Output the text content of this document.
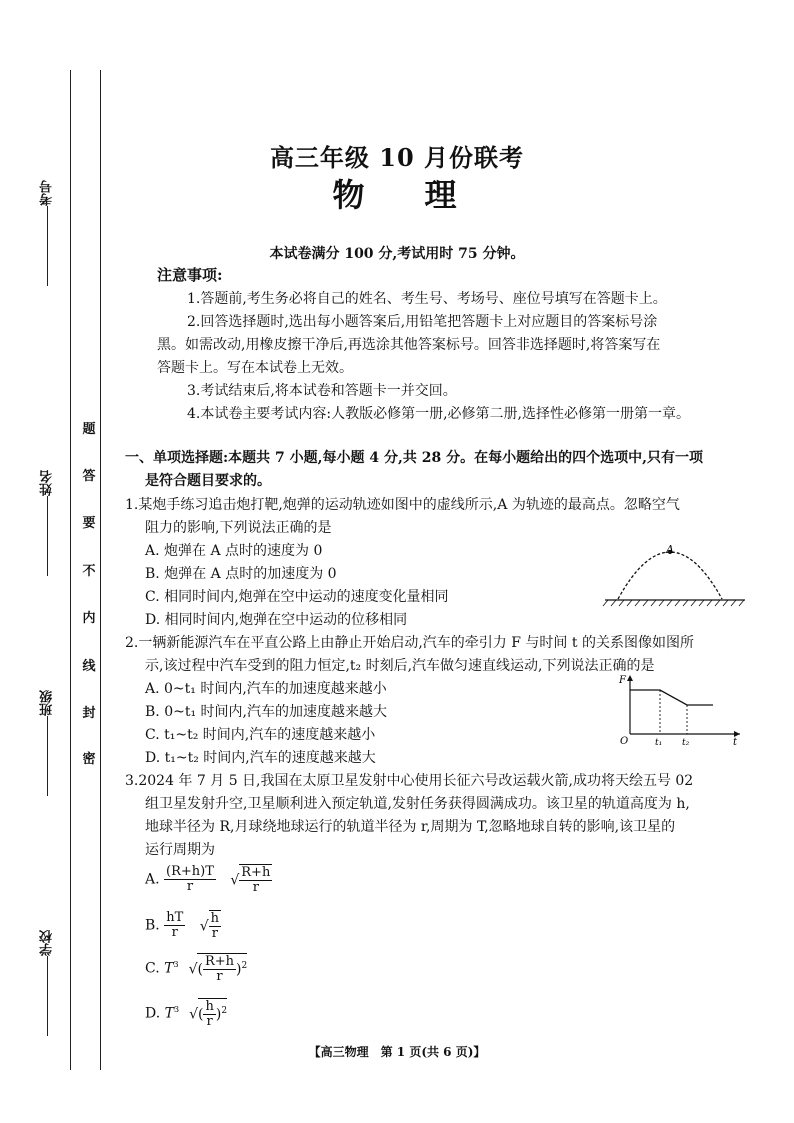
考号
姓名
班级
学校
题
答
要
不
内
线
封
密
高三年级 10 月份联考
物理
本试卷满分 100 分,考试用时 75 分钟。
注意事项:
1.答题前,考生务必将自己的姓名、考生号、考场号、座位号填写在答题卡上。
2.回答选择题时,选出每小题答案后,用铅笔把答题卡上对应题目的答案标号涂
黑。如需改动,用橡皮擦干净后,再选涂其他答案标号。回答非选择题时,将答案写在
答题卡上。写在本试卷上无效。
3.考试结束后,将本试卷和答题卡一并交回。
4.本试卷主要考试内容:人教版必修第一册,必修第二册,选择性必修第一册第一章。
一、单项选择题:本题共 7 小题,每小题 4 分,共 28 分。在每小题给出的四个选项中,只有一项
是符合题目要求的。
1.某炮手练习追击炮打靶,炮弹的运动轨迹如图中的虚线所示,A 为轨迹的最高点。忽略空气
阻力的影响,下列说法正确的是
A. 炮弹在 A 点时的速度为 0
B. 炮弹在 A 点时的加速度为 0
C. 相同时间内,炮弹在空中运动的速度变化量相同
D. 相同时间内,炮弹在空中运动的位移相同
A
2.一辆新能源汽车在平直公路上由静止开始启动,汽车的牵引力 F 与时间 t 的关系图像如图所
示,该过程中汽车受到的阻力恒定,t₂ 时刻后,汽车做匀速直线运动,下列说法正确的是
A. 0~t₁ 时间内,汽车的加速度越来越小
B. 0~t₁ 时间内,汽车的加速度越来越大
C. t₁~t₂ 时间内,汽车的速度越来越小
D. t₁~t₂ 时间内,汽车的速度越来越大
F
O	t₁ t₂	t
3.2024 年 7 月 5 日,我国在太原卫星发射中心使用长征六号改运载火箭,成功将天绘五号 02
组卫星发射升空,卫星顺利进入预定轨道,发射任务获得圆满成功。该卫星的轨道高度为 h,
地球半径为 R,月球绕地球运行的轨道半径为 r,周期为 T,忽略地球自转的影响,该卫星的
运行周期为
A. $\frac{(R+h)T}{r}$ √ $\frac{R+h}{r}$
B. $\frac{hT}{r}$ √ $\frac{h}{r}$
C. $T^3$ √( $\frac{R+h}{r} )^2$
D. $T^3$ √( $\frac{h}{r} )^2$
【高三物理　第 1 页(共 6 页)】
